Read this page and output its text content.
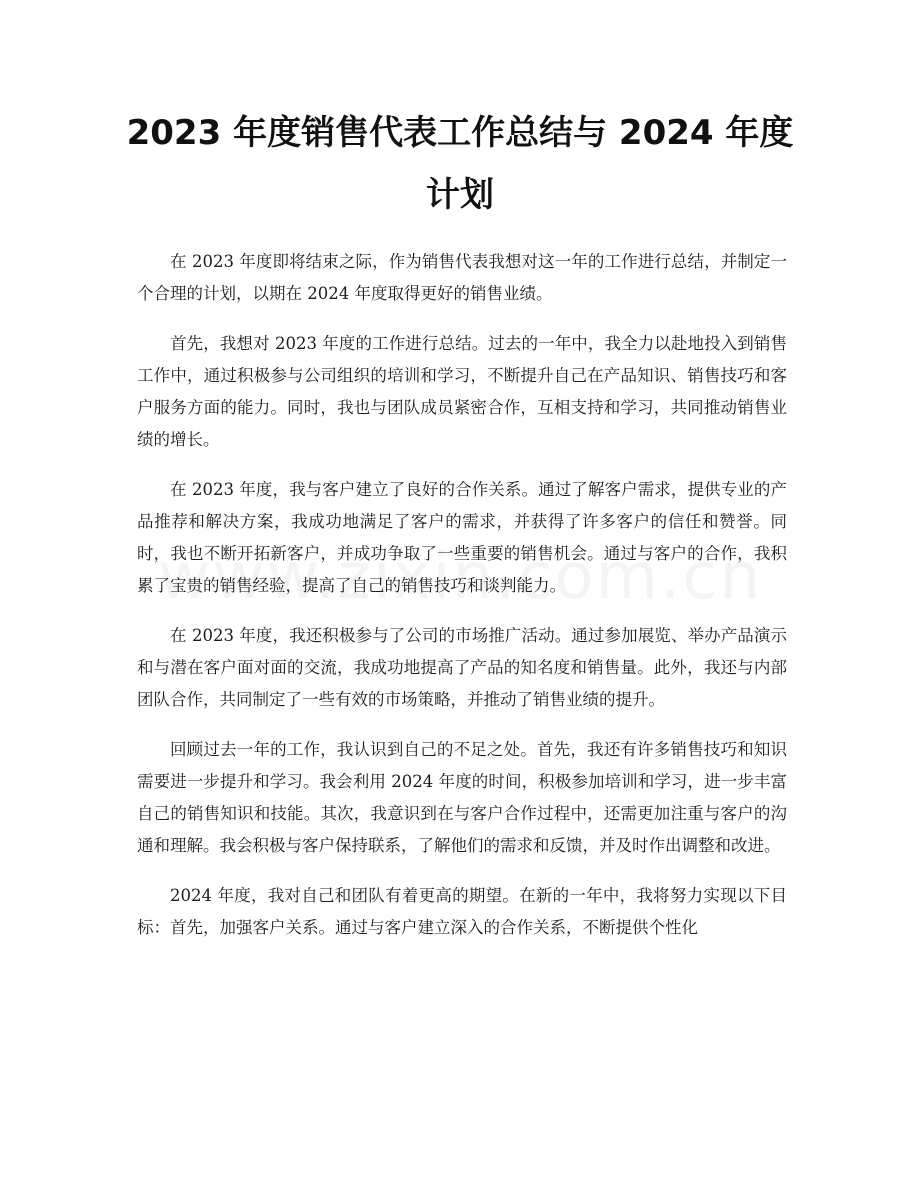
2023 年度销售代表工作总结与 2024 年度计划

在 2023 年度即将结束之际，作为销售代表我想对这一年的工作进行总结，并制定一个合理的计划，以期在 2024 年度取得更好的销售业绩。

首先，我想对 2023 年度的工作进行总结。过去的一年中，我全力以赴地投入到销售工作中，通过积极参与公司组织的培训和学习，不断提升自己在产品知识、销售技巧和客户服务方面的能力。同时，我也与团队成员紧密合作，互相支持和学习，共同推动销售业绩的增长。

在 2023 年度，我与客户建立了良好的合作关系。通过了解客户需求，提供专业的产品推荐和解决方案，我成功地满足了客户的需求，并获得了许多客户的信任和赞誉。同时，我也不断开拓新客户，并成功争取了一些重要的销售机会。通过与客户的合作，我积累了宝贵的销售经验，提高了自己的销售技巧和谈判能力。

在 2023 年度，我还积极参与了公司的市场推广活动。通过参加展览、举办产品演示和与潜在客户面对面的交流，我成功地提高了产品的知名度和销售量。此外，我还与内部团队合作，共同制定了一些有效的市场策略，并推动了销售业绩的提升。

回顾过去一年的工作，我认识到自己的不足之处。首先，我还有许多销售技巧和知识需要进一步提升和学习。我会利用 2024 年度的时间，积极参加培训和学习，进一步丰富自己的销售知识和技能。其次，我意识到在与客户合作过程中，还需更加注重与客户的沟通和理解。我会积极与客户保持联系，了解他们的需求和反馈，并及时作出调整和改进。

2024 年度，我对自己和团队有着更高的期望。在新的一年中，我将努力实现以下目标：首先，加强客户关系。通过与客户建立深入的合作关系，不断提供个性化
